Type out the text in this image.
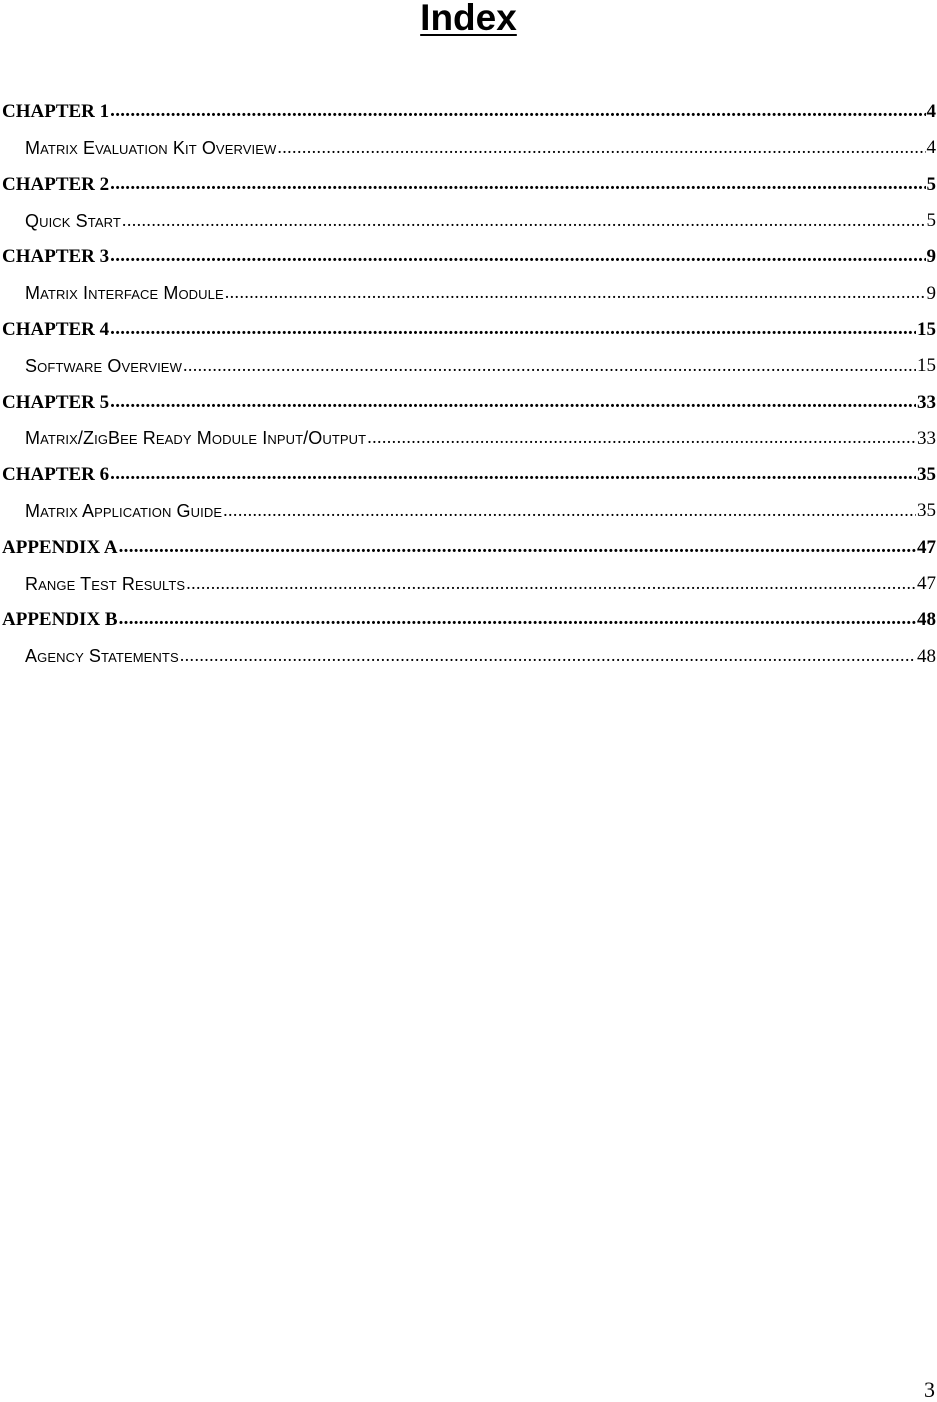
Index
CHAPTER 1 .....	4
Matrix Evaluation Kit Overview .....	4
CHAPTER 2 .....	5
Quick Start .....	5
CHAPTER 3 .....	9
Matrix Interface Module .....	9
CHAPTER 4 .....	15
Software Overview .....	15
CHAPTER 5 .....	33
Matrix/ZigBee Ready Module Input/Output .....	33
CHAPTER 6 .....	35
Matrix Application Guide .....	35
APPENDIX A .....	47
Range Test Results .....	47
APPENDIX B .....	48
Agency Statements .....	48

3
